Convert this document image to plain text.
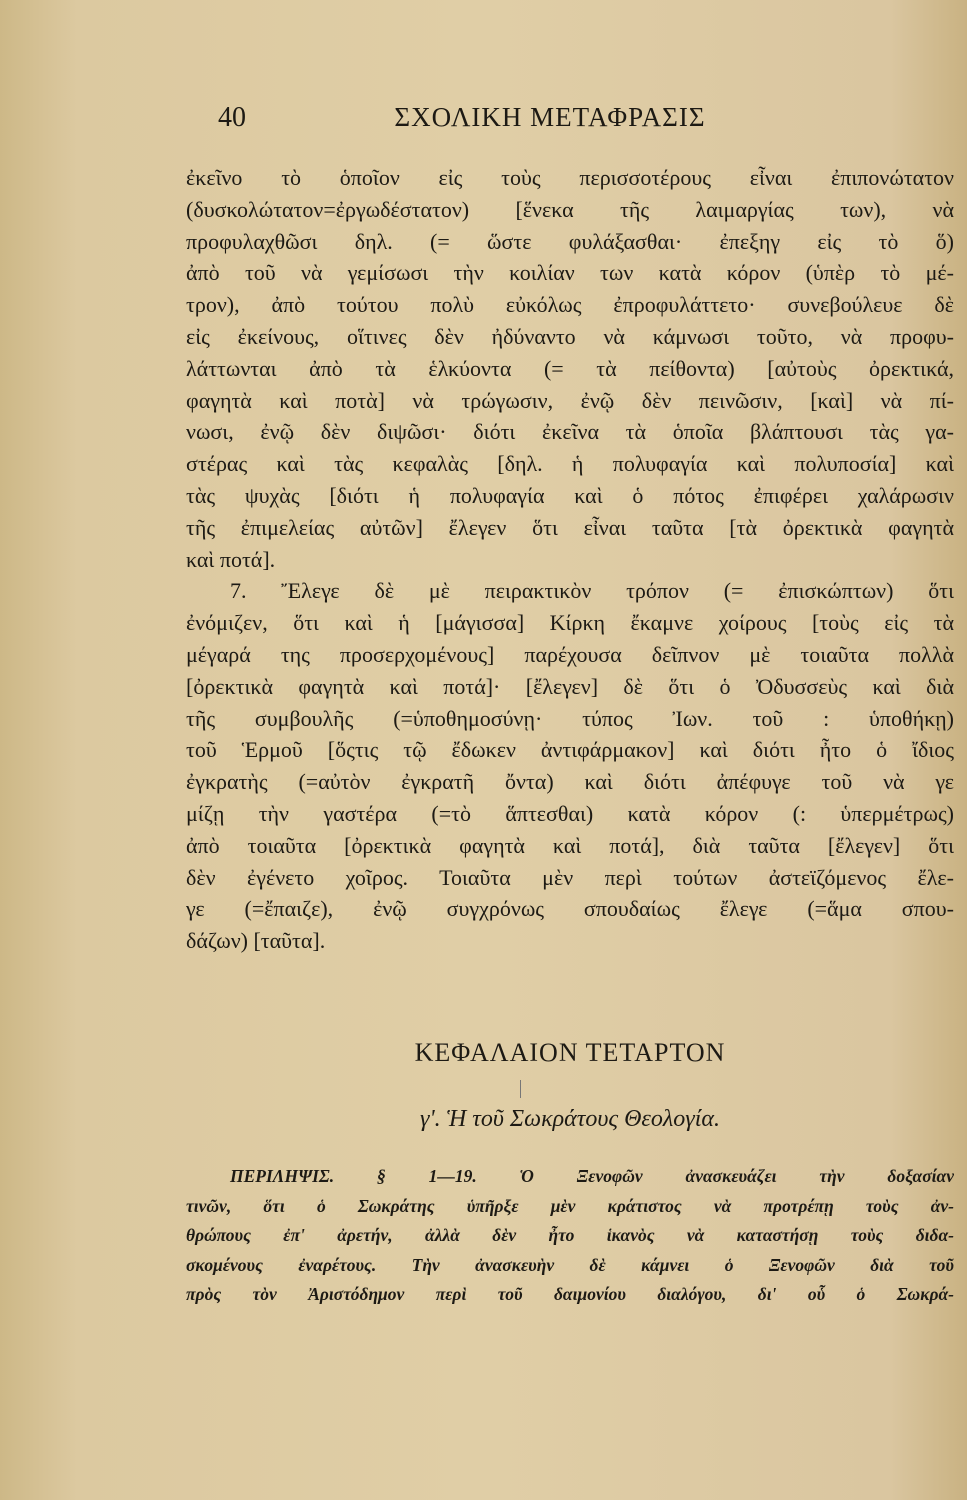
40	ΣΧΟΛΙΚΗ ΜΕΤΑΦΡΑΣΙΣ
ἐκεῖνο τὸ ὁποῖον εἰς τοὺς περισσοτέρους εἶναι ἐπιπονώτατον
(δυσκολώτατον=ἐργωδέστατον) [ἕνεκα τῆς λαιμαργίας των), νὰ
προφυλαχθῶσι δηλ. (= ὥστε φυλάξασθαι· ἐπεξηγ εἰς τὸ ὅ)
ἀπὸ τοῦ νὰ γεμίσωσι τὴν κοιλίαν των κατὰ κόρον (ὑπὲρ τὸ μέ-
τρον), ἀπὸ τούτου πολὺ εὐκόλως ἐπροφυλάττετο· συνεβούλευε δὲ
εἰς ἐκείνους, οἵτινες δὲν ἠδύναντο νὰ κάμνωσι τοῦτο, νὰ προφυ-
λάττωνται ἀπὸ τὰ ἑλκύοντα (= τὰ πείθοντα) [αὐτοὺς ὀρεκτικά,
φαγητὰ καὶ ποτὰ] νὰ τρώγωσιν, ἐνῷ δὲν πεινῶσιν, [καὶ] νὰ πί-
νωσι, ἐνῷ δὲν διψῶσι· διότι ἐκεῖνα τὰ ὁποῖα βλάπτουσι τὰς γα-
στέρας καὶ τὰς κεφαλὰς [δηλ. ἡ πολυφαγία καὶ πολυποσία] καὶ
τὰς ψυχὰς [διότι ἡ πολυφαγία καὶ ὁ πότος ἐπιφέρει χαλάρωσιν
τῆς ἐπιμελείας αὐτῶν] ἔλεγεν ὅτι εἶναι ταῦτα [τὰ ὀρεκτικὰ φαγητὰ
καὶ ποτά].
7. Ἔλεγε δὲ μὲ πειρακτικὸν τρόπον (= ἐπισκώπτων) ὅτι
ἐνόμιζεν, ὅτι καὶ ἡ [μάγισσα] Κίρκη ἔκαμνε χοίρους [τοὺς εἰς τὰ
μέγαρά της προσερχομένους] παρέχουσα δεῖπνον μὲ τοιαῦτα πολλὰ
[ὀρεκτικὰ φαγητὰ καὶ ποτά]· [ἔλεγεν] δὲ ὅτι ὁ Ὀδυσσεὺς καὶ διὰ
τῆς συμβουλῆς (=ὑποθημοσύνῃ· τύπος Ἰων. τοῦ : ὑποθήκῃ)
τοῦ Ἑρμοῦ [ὅςτις τῷ ἔδωκεν ἀντιφάρμακον] καὶ διότι ἦτο ὁ ἴδιος
ἐγκρατὴς (=αὐτὸν ἐγκρατῆ ὄντα) καὶ διότι ἀπέφυγε τοῦ νὰ γε
μίζῃ τὴν γαστέρα (=τὸ ἅπτεσθαι) κατὰ κόρον (: ὑπερμέτρως)
ἀπὸ τοιαῦτα [ὀρεκτικὰ φαγητὰ καὶ ποτά], διὰ ταῦτα [ἔλεγεν] ὅτι
δὲν ἐγένετο χοῖρος. Τοιαῦτα μὲν περὶ τούτων ἀστεϊζόμενος ἔλε-
γε (=ἔπαιζε), ἐνῷ συγχρόνως σπουδαίως ἔλεγε (=ἅμα σπου-
δάζων) [ταῦτα].
ΚΕΦΑΛΑΙΟΝ ΤΕΤΑΡΤΟΝ
γ'. Ἡ τοῦ Σωκράτους Θεολογία.
ΠΕΡΙΛΗΨΙΣ. § 1—19. Ὁ Ξενοφῶν ἀνασκευάζει τὴν δοξασίαν
τινῶν, ὅτι ὁ Σωκράτης ὑπῆρξε μὲν κράτιστος νὰ προτρέπῃ τοὺς ἀν-
θρώπους ἐπ' ἀρετήν, ἀλλὰ δὲν ἦτο ἱκανὸς νὰ καταστήσῃ τοὺς διδα-
σκομένους ἐναρέτους. Τὴν ἀνασκευὴν δὲ κάμνει ὁ Ξενοφῶν διὰ τοῦ
πρὸς τὸν Ἀριστόδημον περὶ τοῦ δαιμονίου διαλόγου, δι' οὗ ὁ Σωκρά-
